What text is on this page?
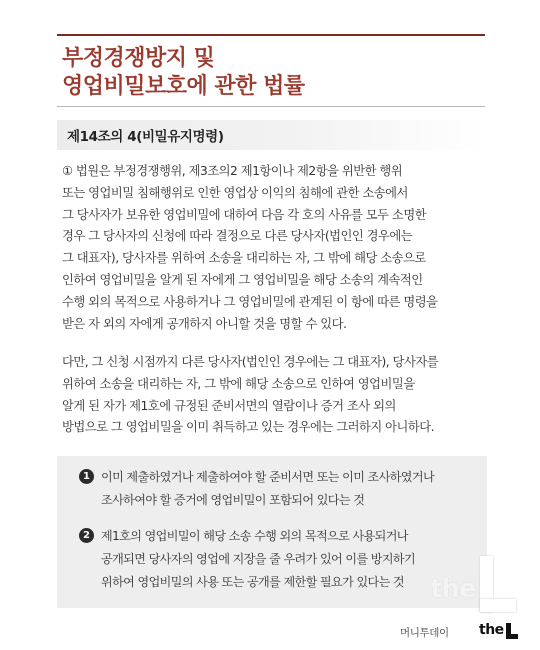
부정경쟁방지 및
영업비밀보호에 관한 법률
제14조의 4(비밀유지명령)

① 법원은 부정경쟁행위, 제3조의2 제1항이나 제2항을 위반한 행위
또는 영업비밀 침해행위로 인한 영업상 이익의 침해에 관한 소송에서
그 당사자가 보유한 영업비밀에 대하여 다음 각 호의 사유를 모두 소명한
경우 그 당사자의 신청에 따라 결정으로 다른 당사자(법인인 경우에는
그 대표자), 당사자를 위하여 소송을 대리하는 자, 그 밖에 해당 소송으로
인하여 영업비밀을 알게 된 자에게 그 영업비밀을 해당 소송의 계속적인
수행 외의 목적으로 사용하거나 그 영업비밀에 관계된 이 항에 따른 명령을
받은 자 외의 자에게 공개하지 아니할 것을 명할 수 있다.

다만, 그 신청 시점까지 다른 당사자(법인인 경우에는 그 대표자), 당사자를
위하여 소송을 대리하는 자, 그 밖에 해당 소송으로 인하여 영업비밀을
알게 된 자가 제1호에 규정된 준비서면의 열람이나 증거 조사 외의
방법으로 그 영업비밀을 이미 취득하고 있는 경우에는 그러하지 아니하다.

1 이미 제출하였거나 제출하여야 할 준비서면 또는 이미 조사하였거나
조사하여야 할 증거에 영업비밀이 포함되어 있다는 것
2 제1호의 영업비밀이 해당 소송 수행 외의 목적으로 사용되거나
공개되면 당사자의 영업에 지장을 줄 우려가 있어 이를 방지하기
위하여 영업비밀의 사용 또는 공개를 제한할 필요가 있다는 것 the
머니투데이 the
